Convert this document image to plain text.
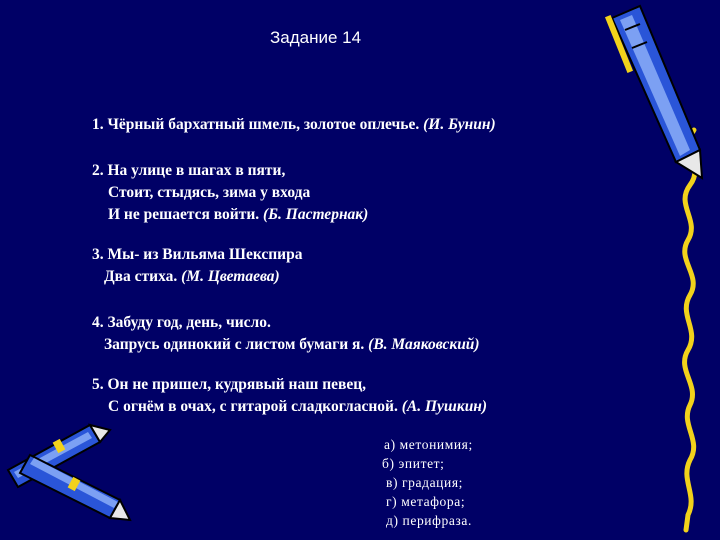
Задание 14
1. Чёрный бархатный шмель, золотое оплечье. (И. Бунин)
2. На улице в шагах в пяти,
Стоит, стыдясь, зима у входа
И не решается войти. (Б. Пастернак)
3. Мы- из Вильяма Шекспира
Два стиха. (М. Цветаева)
4. Забуду год, день, число.
Запрусь одинокий с листом бумаги я. (В. Маяковский)
5. Он не пришел, кудрявый наш певец,
С огнём в очах, с гитарой сладкогласной. (А. Пушкин)
а) метонимия;
б) эпитет;
в) градация;
г) метафора;
д) перифраза.
